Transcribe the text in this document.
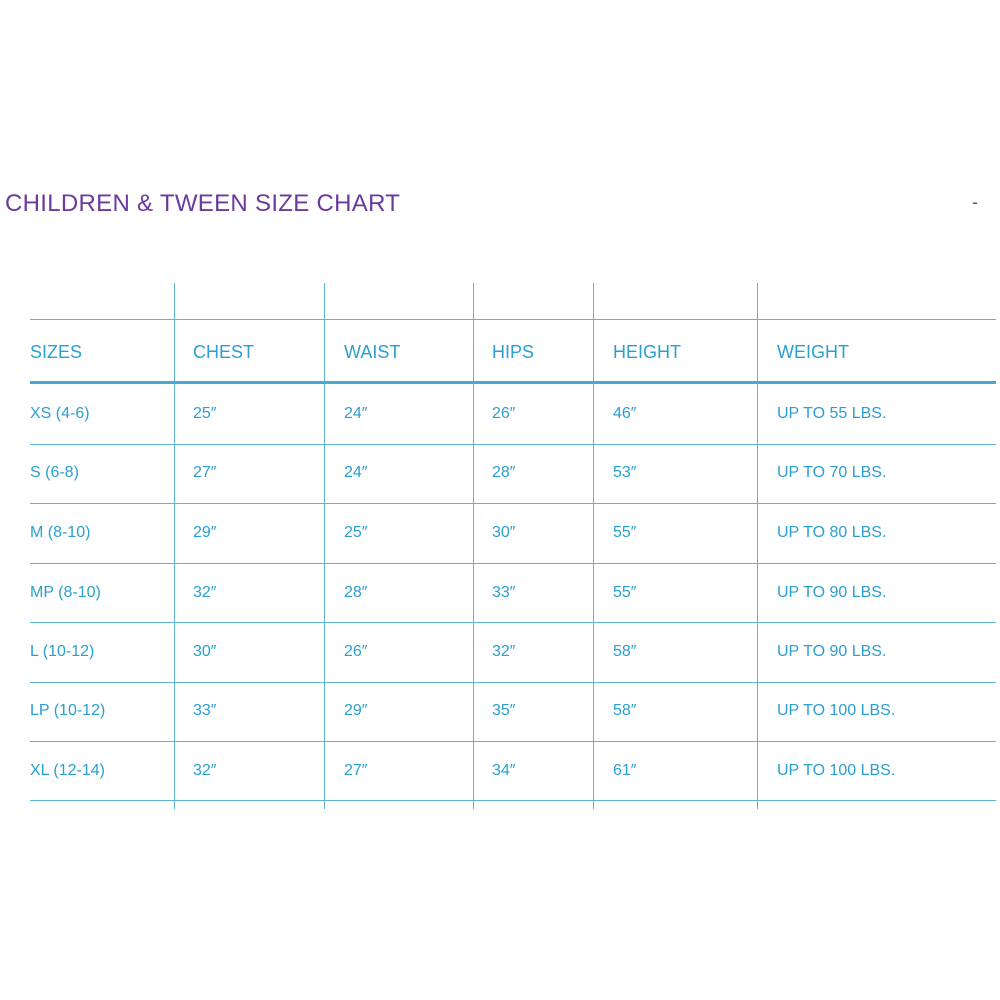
CHILDREN & TWEEN SIZE CHART	-
SIZES	CHEST	WAIST	HIPS	HEIGHT	WEIGHT
XS (4-6)	25″	24″	26″	46″	UP TO 55 LBS.
S (6-8)	27″	24″	28″	53″	UP TO 70 LBS.
M (8-10)	29″	25″	30″	55″	UP TO 80 LBS.
MP (8-10)	32″	28″	33″	55″	UP TO 90 LBS.
L (10-12)	30″	26″	32″	58″	UP TO 90 LBS.
LP (10-12)	33″	29″	35″	58″	UP TO 100 LBS.
XL (12-14)	32″	27″	34″	61″	UP TO 100 LBS.
